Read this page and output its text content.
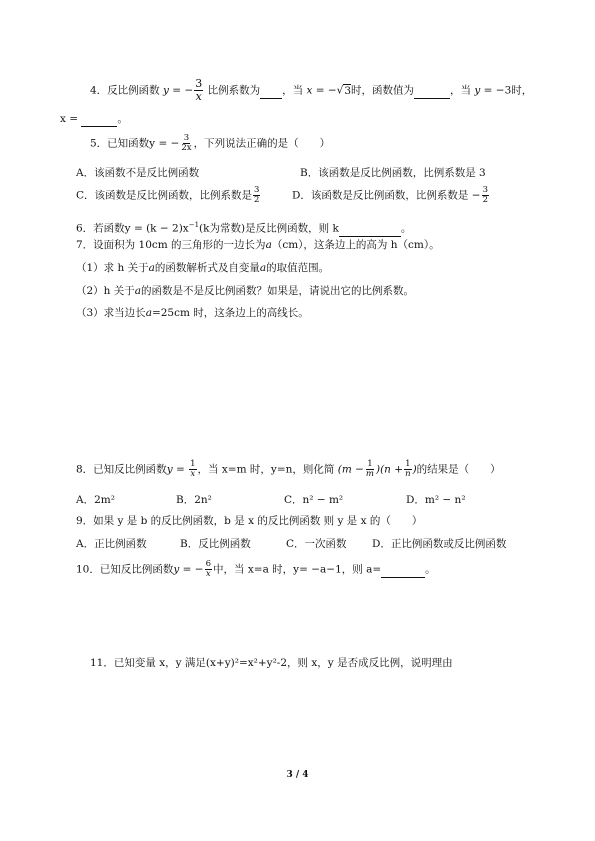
4．反比例函数 y = − $\frac{3}{x}$ 比例系数为 ，当 x = −√3时，函数值为	，当 y = −3时，
x =	。
5．已知函数y = − $\frac{3}{2x}$ ，下列说法正确的是（　　）
A．该函数不是反比例函数	B．该函数是反比例函数，比例系数是 3
C．该函数是反比例函数，比例系数是 $\frac{3}{2}$	D．该函数是反比例函数，比例系数是 − $\frac{3}{2}$
6．若函数$y = (k - 2)x^{-1}(k$为常数)是反比例函数，则 k	。
7．设面积为 10cm 的三角形的一边长为a（cm），这条边上的高为 h（cm）。
（1）求 h 关于a的函数解析式及自变量a的取值范围。
（2）h 关于a的函数是不是反比例函数？如果是，请说出它的比例系数。
（3）求当边长a=25cm 时，这条边上的高线长。
8．已知反比例函数$y = \frac{1}{x}$ ，当 x=m 时，y=n，则化简 $(m - \frac{1}{m} )(n + \frac{1}{n}$ )的结果是（　　）
A．2m²	B．2n²	C．n² − m²	D．m² − n²
9．如果 y 是 b 的反比例函数，b 是 x 的反比例函数 则 y 是 x 的（　　）
A．正比例函数	B．反比例函数	C．一次函数 D．正比例函数或反比例函数
10．已知反比例函数y = − $\frac{6}{x}$ 中，当 x=a 时，y= −a−1，则 a=	。
11．已知变量 x，y 满足(x+y)²=x²+y²-2，则 x，y 是否成反比例，说明理由
3 / 4
